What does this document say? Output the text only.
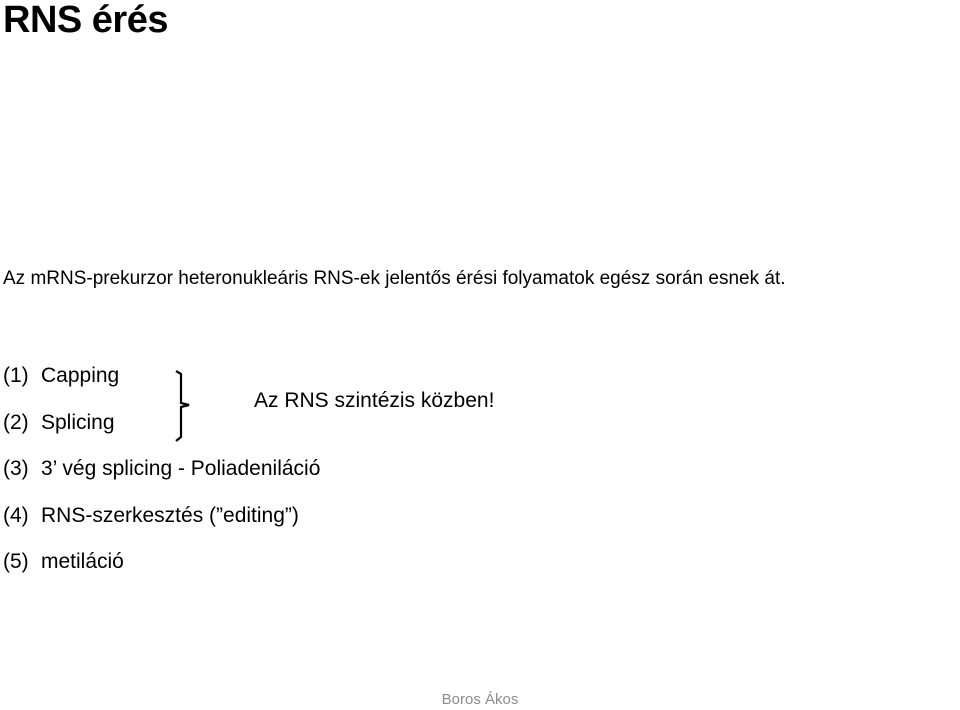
RNS érés
Az mRNS-prekurzor heteronukleáris RNS-ek jelentős érési folyamatok egész során esnek át.
(1) Capping
(2) Splicing
(3) 3’ vég splicing - Poliadeniláció
(4) RNS-szerkesztés (”editing”)
(5) metiláció
Az RNS szintézis közben!
Boros Ákos
